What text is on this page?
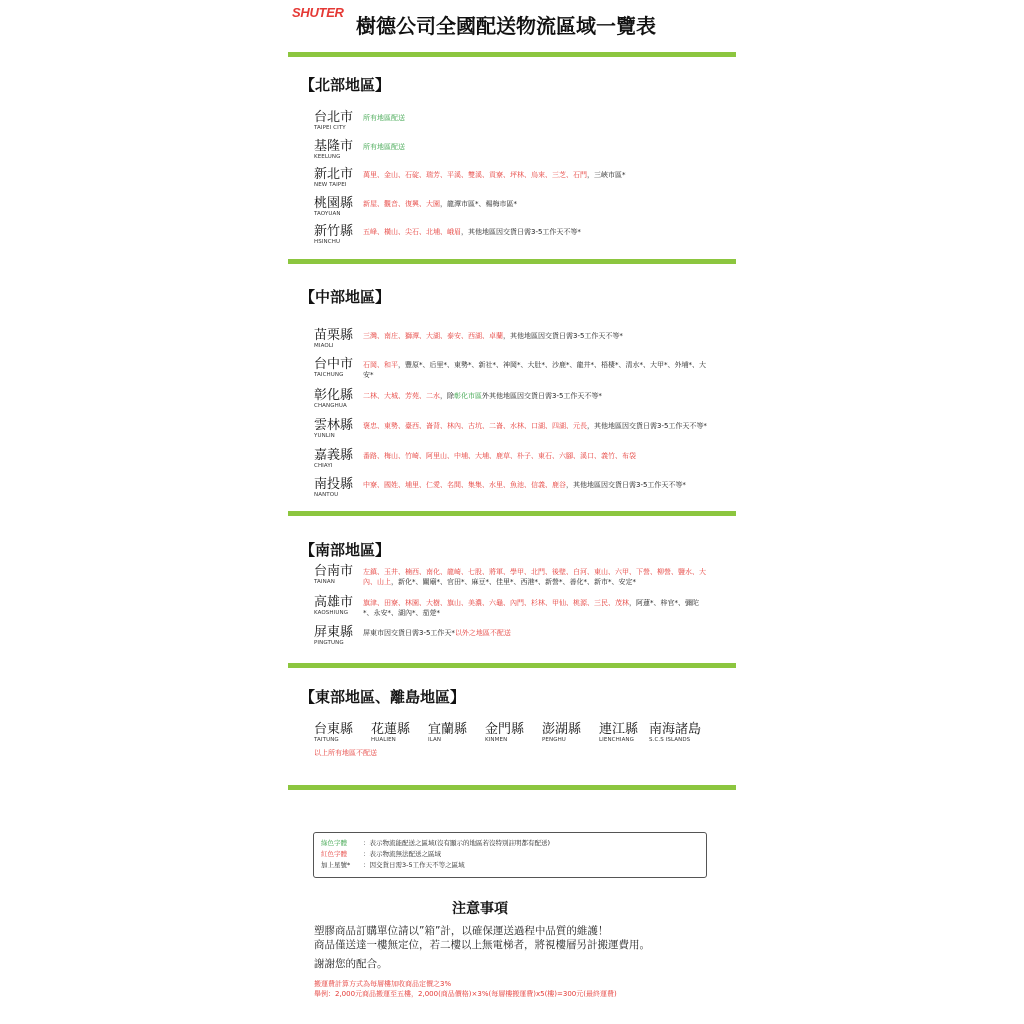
SHUTER
樹德公司全國配送物流區域一覽表
【北部地區】
台北市
TAIPEI CITY
所有地區配送
基隆市
KEELUNG
所有地區配送
新北市
NEW TAIPEI
萬里、金山、石碇、瑞芳、平溪、雙溪、貢寮、坪林、烏來、三芝、石門，三峽市區*
桃園縣
TAOYUAN
新屋、觀音、復興、大園，龍潭市區*、楊梅市區*
新竹縣
HSINCHU
五峰、橫山、尖石、北埔、峨眉，其他地區因交貨日需3-5工作天不等*
【中部地區】
苗栗縣
MIAOLI
三灣、南庄、獅潭、大湖、泰安、西湖、卓蘭，其他地區因交貨日需3-5工作天不等*
台中市
TAICHUNG
石岡、和平，豐原*、后里*、東勢*、新社*、神岡*、大肚*、沙鹿*、龍井*、梧棲*、清水*、大甲*、外埔*、大安*
彰化縣
CHANGHUA
二林、大城、芳苑、二水，除彰化市區外其他地區因交貨日需3-5工作天不等*
雲林縣
YUNLIN
褒忠、東勢、臺西、崙背、林內、古坑、二崙、水林、口湖、四湖、元長，其他地區因交貨日需3-5工作天不等*
嘉義縣
CHIAYI
番路、梅山、竹崎、阿里山、中埔、大埔、鹿草、朴子、東石、六腳、溪口、義竹、布袋
南投縣
NANTOU
中寮、國姓、埔里、仁愛、名間、集集、水里、魚池、信義、鹿谷，其他地區因交貨日需3-5工作天不等*
【南部地區】
台南市
TAINAN
左鎮、玉井、楠西、南化、龍崎、七股、將軍、學甲、北門、後壁、白河、東山、六甲、下營、柳營、鹽水、大內、山上，新化*、關廟*、官田*、麻豆*、佳里*、西港*、新營*、善化*、新市*、安定*
高雄市
KAOSHIUNG
旗津、田寮、林園、大樹、旗山、美濃、六龜、內門、杉林、甲仙、桃源、三民、茂林，阿蓮*、梓官*、彌陀*、永安*、湖內*、茄萣*
屏東縣
PINGTUNG
屏東市因交貨日需3-5工作天*以外之地區不配送
【東部地區、離島地區】
台東縣
TAITUNG
花蓮縣
HUALIEN
宜蘭縣
ILAN
金門縣
KINMEN
澎湖縣
PENGHU
連江縣
LIENCHIANG
南海諸島
S.C.S ISLANDS
以上所有地區不配送
綠色字體 ：表示物流能配送之區域(沒有顯示的地區若沒特別註明都有配送)
紅色字體 ：表示物流無法配送之區域
加上星號* ：因交貨日需3-5工作天不等之區域
注意事項
塑膠商品訂購單位請以”箱”計，以確保運送過程中品質的維護！
商品僅送達一樓無定位，若二樓以上無電梯者，將視樓層另計搬運費用。
謝謝您的配合。
搬運費計算方式為每層樓加收商品定價之3%
舉例：2,000元商品搬運至五樓，2,000(商品價格)×3%(每層樓搬運費)x5(樓)=300元(最終運費)
